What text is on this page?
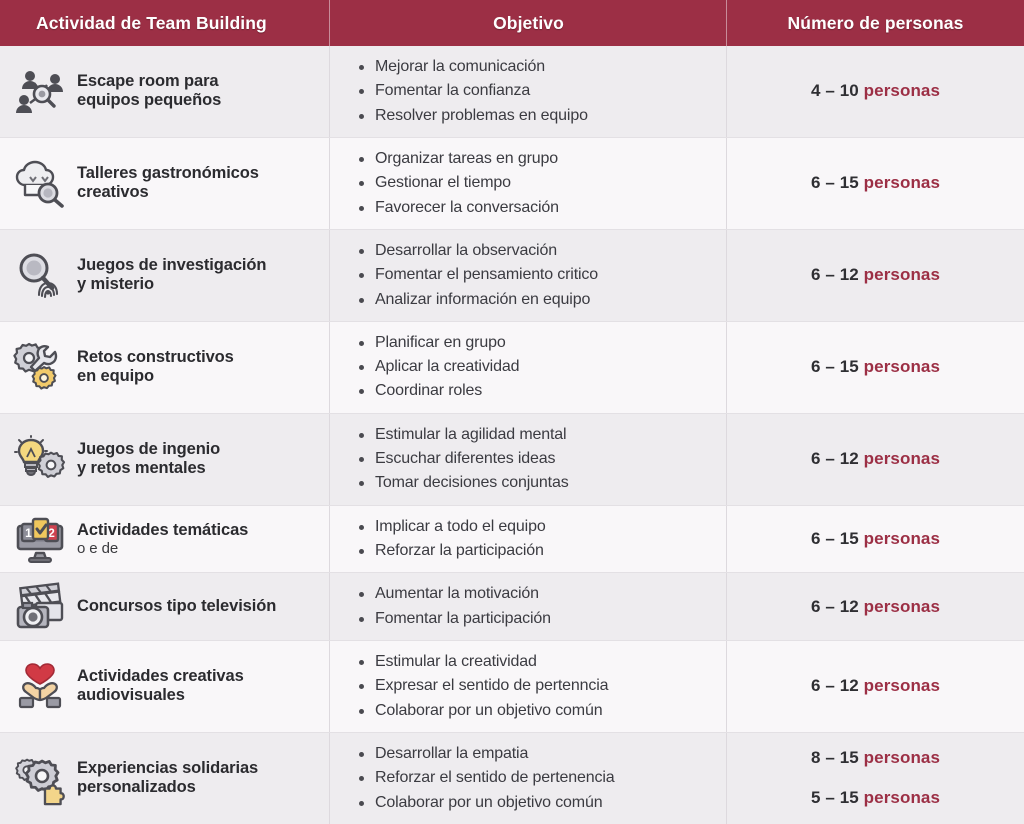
Actividad de Team Building	Objetivo	Número de personas
Escape room para
equipos pequeños
Mejorar la comunicación
Fomentar la confianza
Resolver problemas en equipo
4 – 10 personas
Talleres gastronómicos
creativos
Organizar tareas en grupo
Gestionar el tiempo
Favorecer la conversación
6 – 15 personas
Juegos de investigación
y misterio
Desarrollar la observación
Fomentar el pensamiento critico
Analizar información en equipo
6 – 12 personas
Retos constructivos
en equipo
Planificar en grupo
Aplicar la creatividad
Coordinar roles
6 – 15 personas
Juegos de ingenio
y retos mentales
Estimular la agilidad mental
Escuchar diferentes ideas
Tomar decisiones conjuntas
6 – 12 personas
1 2 Actividades temáticas
o e de
Implicar a todo el equipo
Reforzar la participación
6 – 15 personas
Concursos tipo televisión
Aumentar la motivación
Fomentar la participación
6 – 12 personas
Actividades creativas
audiovisuales
Estimular la creatividad
Expresar el sentido de pertenncia
Colaborar por un objetivo común
6 – 12 personas
Experiencias solidarias
personalizados
Desarrollar la empatia
Reforzar el sentido de pertenencia
Colaborar por un objetivo común
8 – 15 personas
5 – 15 personas
